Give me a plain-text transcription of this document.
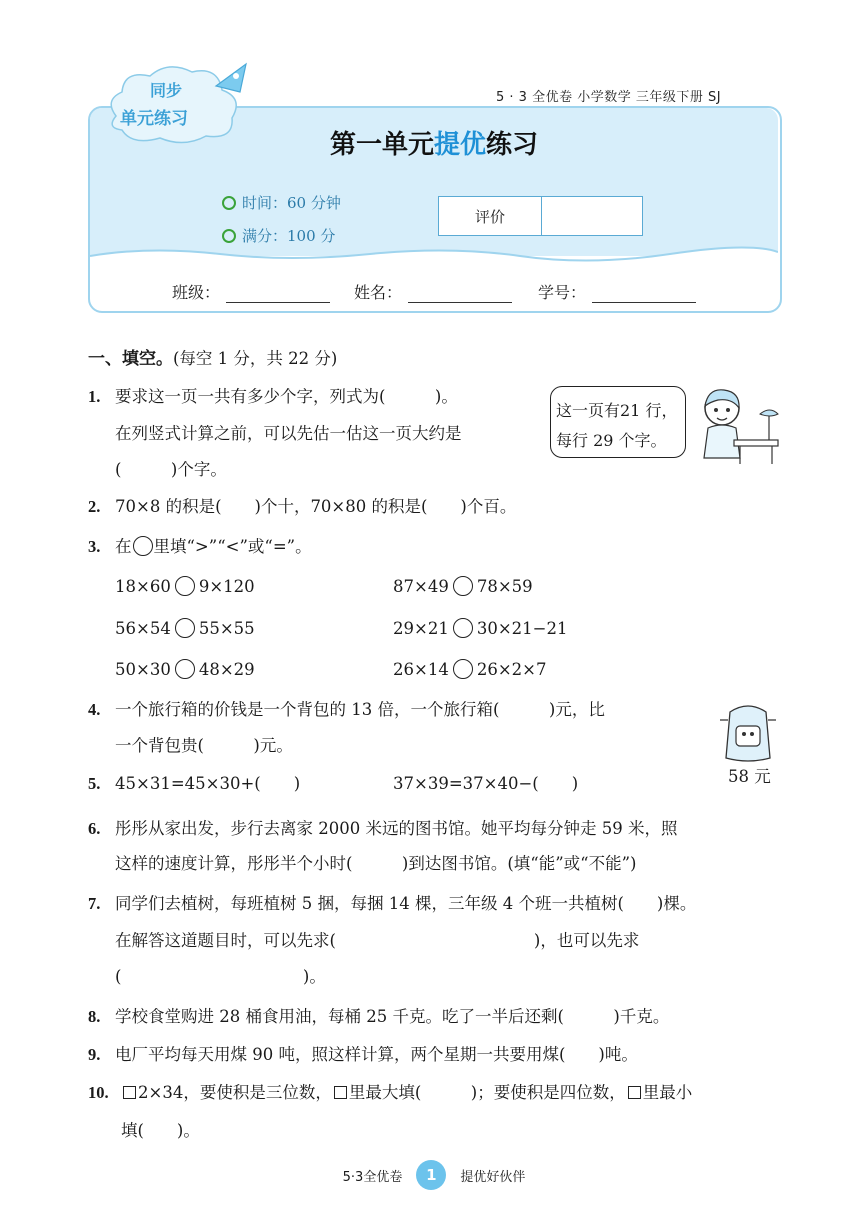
5 · 3 全优卷 小学数学 三年级下册 SJ
同步
单元练习
第一单元提优练习
时间：60 分钟
满分：100 分
评价
班级：	姓名：	学号：
一、填空。(每空 1 分，共 22 分)
1. 要求这一页一共有多少个字，列式为(　　　)。
在列竖式计算之前，可以先估一估这一页大约是
(　　　)个字。
这一页有21 行，
每行 29 个字。
2. 70×8 的积是(　　)个十，70×80 的积是(　　)个百。
3. 在 里填“>”“<”或“=”。
18×60 9×120	87×49 78×59
56×54 55×55	29×21 30×21−21
50×30 48×29	26×14 26×2×7
4. 一个旅行箱的价钱是一个背包的 13 倍，一个旅行箱(　　　)元，比
一个背包贵(　　　)元。
58 元
5. 45×31=45×30+(　　)	37×39=37×40−(　　)
6. 彤彤从家出发，步行去离家 2000 米远的图书馆。她平均每分钟走 59 米，照
这样的速度计算，彤彤半个小时(　　　)到达图书馆。(填“能”或“不能”)
7. 同学们去植树，每班植树 5 捆，每捆 14 棵，三年级 4 个班一共植树(　　)棵。
在解答这道题目时，可以先求(　　　　　　　　　　　　)，也可以先求
(　　　　　　　　　　　)。
8. 学校食堂购进 28 桶食用油，每桶 25 千克。吃了一半后还剩(　　　)千克。
9. 电厂平均每天用煤 90 吨，照这样计算，两个星期一共要用煤(　　)吨。
10.	2×34，要使积是三位数， 里最大填(　　　)；要使积是四位数， 里最小
填(　　)。
5·3全优卷	1	提优好伙伴
